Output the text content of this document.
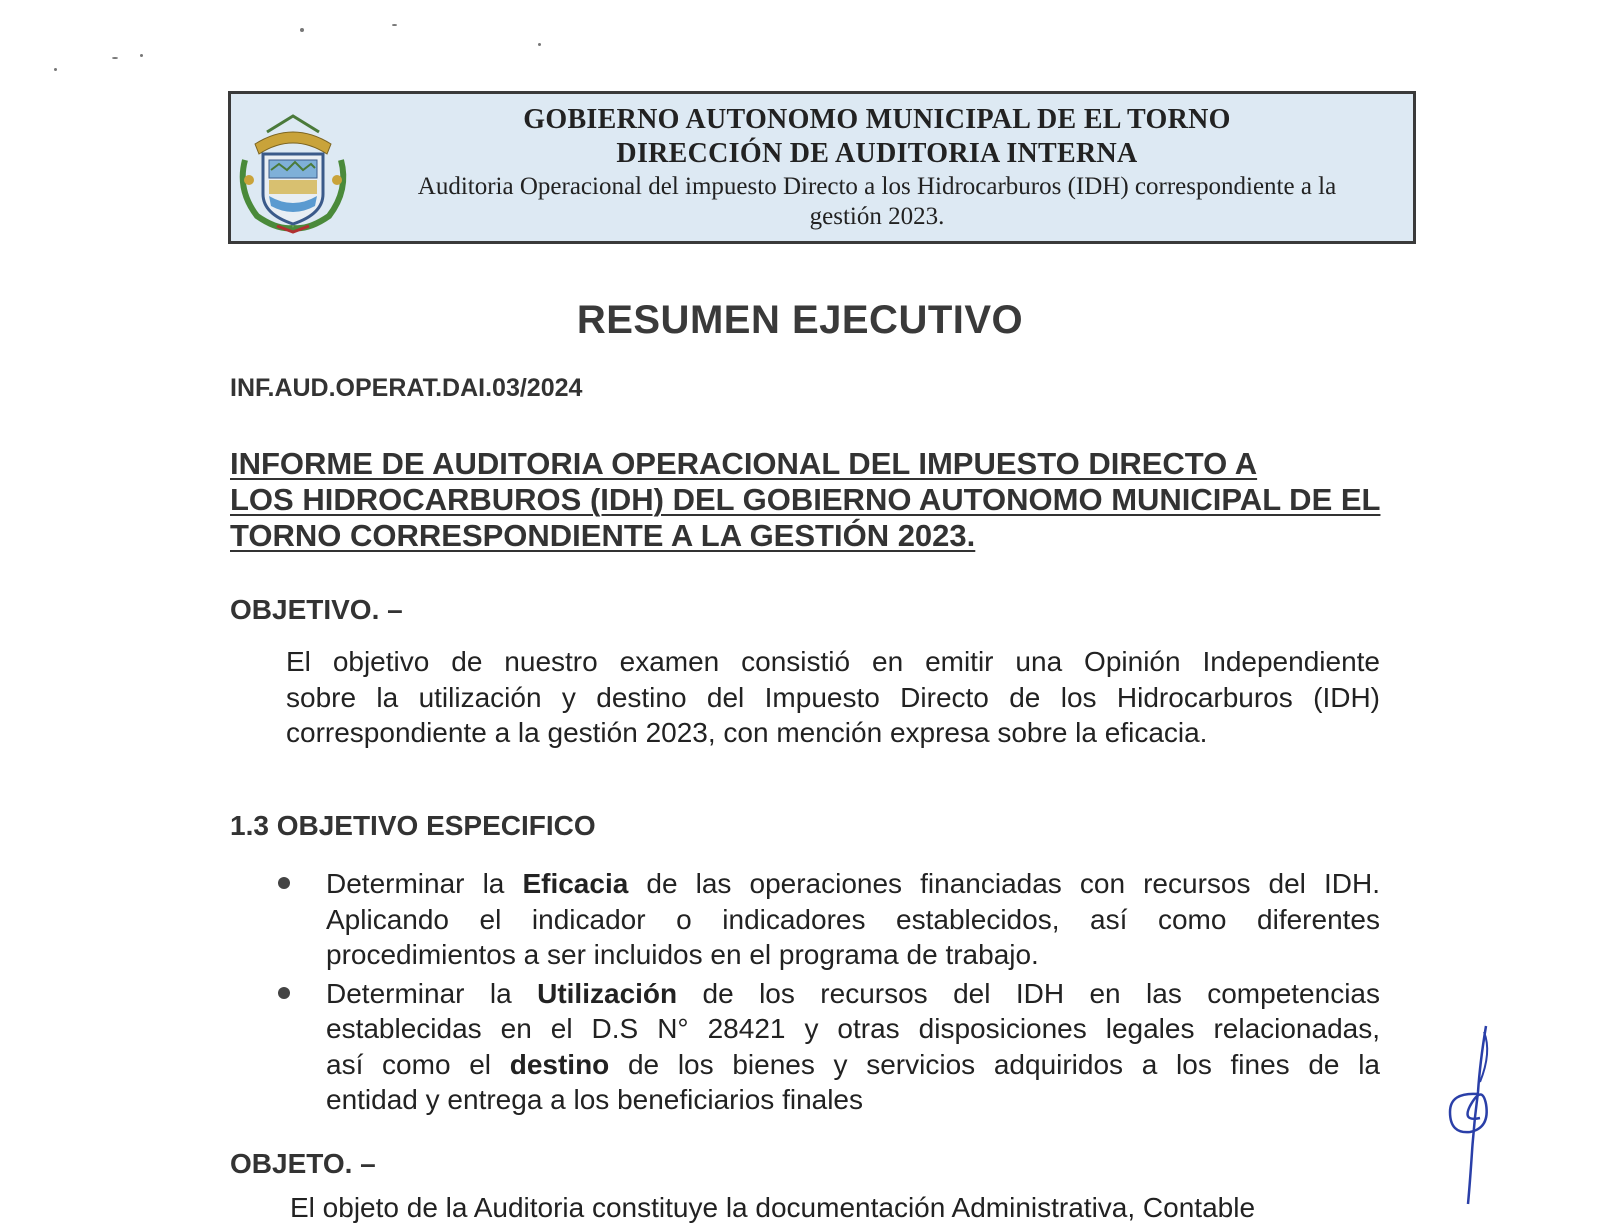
GOBIERNO AUTONOMO MUNICIPAL DE EL TORNO
DIRECCIÓN DE AUDITORIA INTERNA
Auditoria Operacional del impuesto Directo a los Hidrocarburos (IDH) correspondiente a la
gestión 2023.
RESUMEN EJECUTIVO
INF.AUD.OPERAT.DAI.03/2024
INFORME DE AUDITORIA OPERACIONAL DEL IMPUESTO DIRECTO A
LOS HIDROCARBUROS (IDH) DEL GOBIERNO AUTONOMO MUNICIPAL DE EL
TORNO CORRESPONDIENTE A LA GESTIÓN 2023.
OBJETIVO. –
El objetivo de nuestro examen consistió en emitir una Opinión Independiente
sobre la utilización y destino del Impuesto Directo de los Hidrocarburos (IDH)
correspondiente a la gestión 2023, con mención expresa sobre la eficacia.
1.3 OBJETIVO ESPECIFICO
Determinar la Eficacia de las operaciones financiadas con recursos del IDH.
Aplicando el indicador o indicadores establecidos, así como diferentes
procedimientos a ser incluidos en el programa de trabajo.
Determinar la Utilización de los recursos del IDH en las competencias
establecidas en el D.S N° 28421 y otras disposiciones legales relacionadas,
así como el destino de los bienes y servicios adquiridos a los fines de la
entidad y entrega a los beneficiarios finales
OBJETO. –
El objeto de la Auditoria constituye la documentación Administrativa, Contable
